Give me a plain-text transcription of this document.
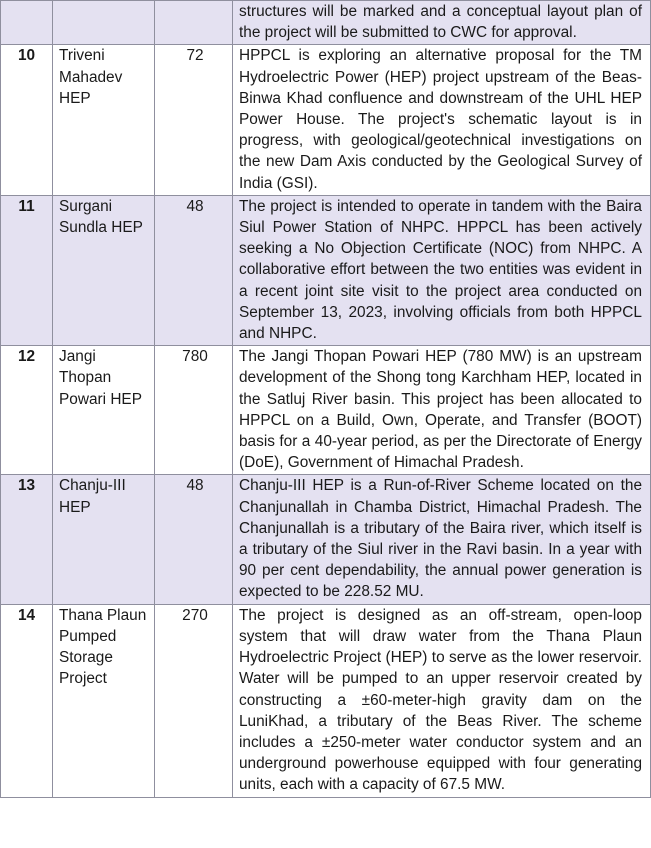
			structures will be marked and a conceptual layout plan of the project will be submitted to CWC for approval.
10	Triveni Mahadev HEP	72	HPPCL is exploring an alternative proposal for the TM Hydroelectric Power (HEP) project upstream of the Beas-Binwa Khad confluence and downstream of the UHL HEP Power House. The project's schematic layout is in progress, with geological/geotechnical investigations on the new Dam Axis conducted by the Geological Survey of India (GSI).
11	Surgani Sundla HEP	48	The project is intended to operate in tandem with the Baira Siul Power Station of NHPC. HPPCL has been actively seeking a No Objection Certificate (NOC) from NHPC. A collaborative effort between the two entities was evident in a recent joint site visit to the project area conducted on September 13, 2023, involving officials from both HPPCL and NHPC.
12	Jangi Thopan Powari HEP	780	The Jangi Thopan Powari HEP (780 MW) is an upstream development of the Shong tong Karchham HEP, located in the Satluj River basin. This project has been allocated to HPPCL on a Build, Own, Operate, and Transfer (BOOT) basis for a 40-year period, as per the Directorate of Energy (DoE), Government of Himachal Pradesh.
13	Chanju-III HEP	48	Chanju-III HEP is a Run-of-River Scheme located on the Chanjunallah in Chamba District, Himachal Pradesh. The Chanjunallah is a tributary of the Baira river, which itself is a tributary of the Siul river in the Ravi basin. In a year with 90 per cent dependability, the annual power generation is expected to be 228.52 MU.
14	Thana Plaun Pumped Storage Project	270	The project is designed as an off-stream, open-loop system that will draw water from the Thana Plaun Hydroelectric Project (HEP) to serve as the lower reservoir. Water will be pumped to an upper reservoir created by constructing a ±60-meter-high gravity dam on the LuniKhad, a tributary of the Beas River. The scheme includes a ±250-meter water conductor system and an underground powerhouse equipped with four generating units, each with a capacity of 67.5 MW.
